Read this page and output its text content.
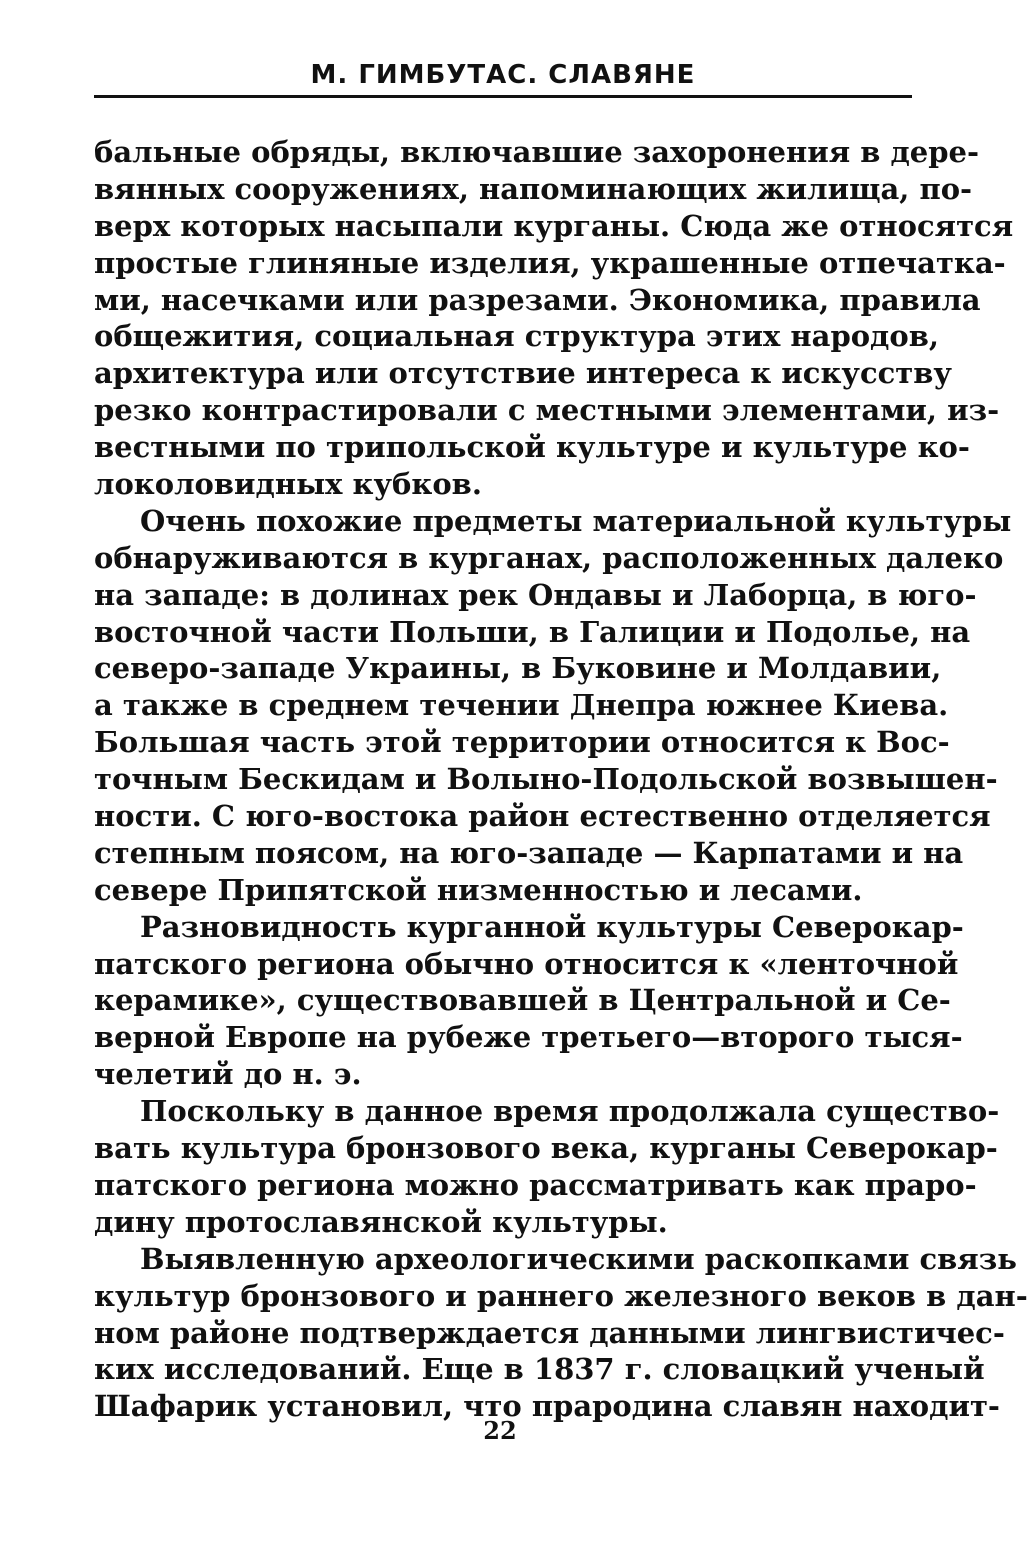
М. ГИМБУТАС. СЛАВЯНЕ
бальные обряды, включавшие захоронения в дере-
вянных сооружениях, напоминающих жилища, по-
верх которых насыпали курганы. Сюда же относятся
простые глиняные изделия, украшенные отпечатка-
ми, насечками или разрезами. Экономика, правила
общежития, социальная структура этих народов,
архитектура или отсутствие интереса к искусству
резко контрастировали с местными элементами, из-
вестными по трипольской культуре и культуре ко-
локоловидных кубков.
Очень похожие предметы материальной культуры
обнаруживаются в курганах, расположенных далеко
на западе: в долинах рек Ондавы и Лаборца, в юго-
восточной части Польши, в Галиции и Подолье, на
северо-западе Украины, в Буковине и Молдавии,
а также в среднем течении Днепра южнее Киева.
Большая часть этой территории относится к Вос-
точным Бескидам и Волыно-Подольской возвышен-
ности. С юго-востока район естественно отделяется
степным поясом, на юго-западе — Карпатами и на
севере Припятской низменностью и лесами.
Разновидность курганной культуры Северокар-
патского региона обычно относится к «ленточной
керамике», существовавшей в Центральной и Се-
верной Европе на рубеже третьего—второго тыся-
челетий до н. э.
Поскольку в данное время продолжала существо-
вать культура бронзового века, курганы Северокар-
патского региона можно рассматривать как праро-
дину протославянской культуры.
Выявленную археологическими раскопками связь
культур бронзового и раннего железного веков в дан-
ном районе подтверждается данными лингвистичес-
ких исследований. Еще в 1837 г. словацкий ученый
Шафарик установил, что прародина славян находит-
22
